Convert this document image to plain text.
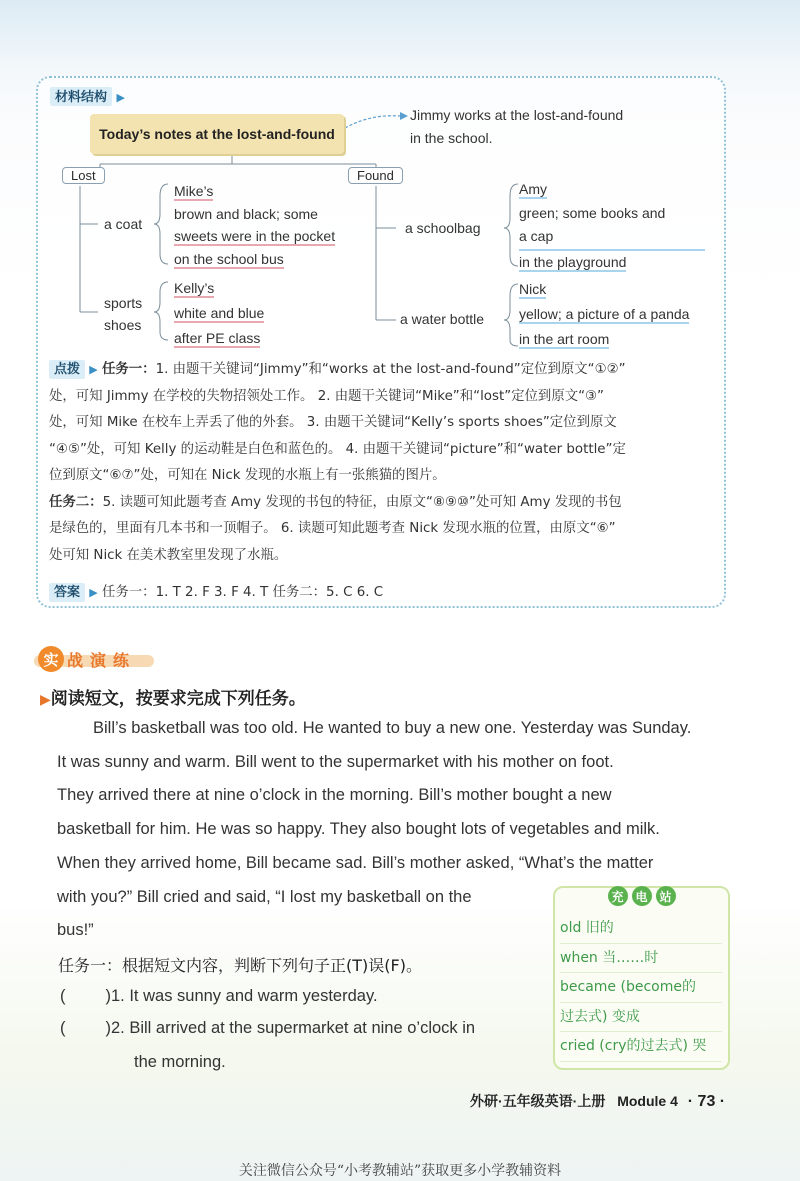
材料结构 ▶
Today’s notes at the lost-and-found
Jimmy works at the lost-and-found
in the school.
Lost	Found
a coat
Mike’s
brown and black; some
sweets were in the pocket
on the school bus
sports
shoes
Kelly’s
white and blue
after PE class
a schoolbag
Amy
green; some books and
a cap
in the playground
a water bottle
Nick
yellow; a picture of a panda
in the art room
点拨 ▶ 任务一：1. 由题干关键词“Jimmy”和“works at the lost-and-found”定位到原文“①②”
处，可知 Jimmy 在学校的失物招领处工作。 2. 由题干关键词“Mike”和“lost”定位到原文“③”
处，可知 Mike 在校车上弄丢了他的外套。 3. 由题干关键词“Kelly’s sports shoes”定位到原文
“④⑤”处，可知 Kelly 的运动鞋是白色和蓝色的。 4. 由题干关键词“picture”和“water bottle”定
位到原文“⑥⑦”处，可知在 Nick 发现的水瓶上有一张熊猫的图片。
任务二：5. 读题可知此题考查 Amy 发现的书包的特征，由原文“⑧⑨⑩”处可知 Amy 发现的书包
是绿色的，里面有几本书和一顶帽子。 6. 读题可知此题考查 Nick 发现水瓶的位置，由原文“⑥”
处可知 Nick 在美术教室里发现了水瓶。
答案 ▶ 任务一：1. T 2. F 3. F 4. T 任务二：5. C 6. C
实 战 演 练
▶阅读短文，按要求完成下列任务。
Bill’s basketball was too old. He wanted to buy a new one. Yesterday was Sunday.
It was sunny and warm. Bill went to the supermarket with his mother on foot.
They arrived there at nine o’clock in the morning. Bill’s mother bought a new
basketball for him. He was so happy. They also bought lots of vegetables and milk.
When they arrived home, Bill became sad. Bill’s mother asked, “What’s the matter
with you?” Bill cried and said, “I lost my basketball on the
bus!”
任务一：根据短文内容，判断下列句子正(T)误(F)。
( )1. It was sunny and warm yesterday.
( )2. Bill arrived at the supermarket at nine o’clock in
the morning.
充 电 站
old 旧的
when 当……时
became (become的
过去式) 变成
cried (cry的过去式) 哭
外研·五年级英语·上册 Module 4 · 73 ·
关注微信公众号“小考教辅站”获取更多小学教辅资料
